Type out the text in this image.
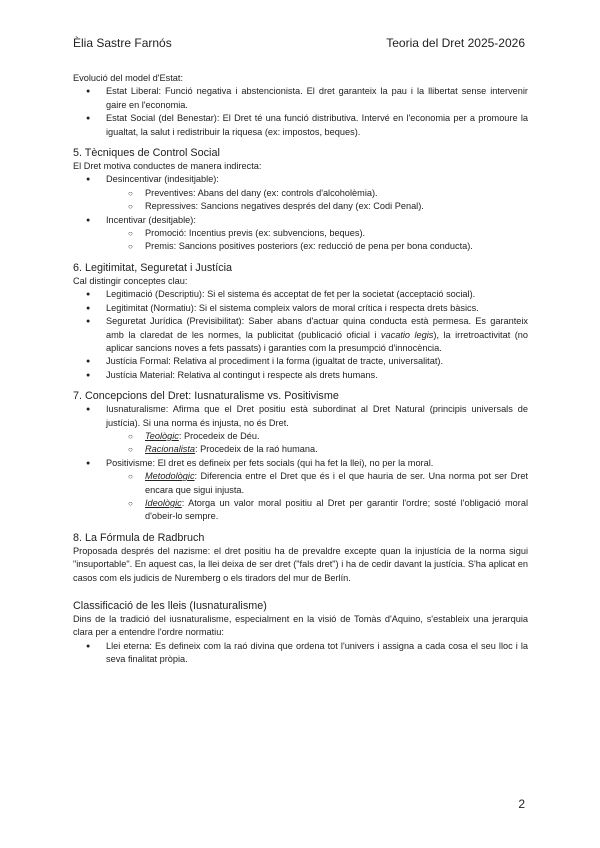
Èlia Sastre Farnós	Teoria del Dret 2025-2026

Evolució del model d'Estat:

● Estat Liberal: Funció negativa i abstencionista. El dret garanteix la pau i la llibertat sense intervenir gaire en l'economia.
● Estat Social (del Benestar): El Dret té una funció distributiva. Intervé en l'economia per a promoure la igualtat, la salut i redistribuir la riquesa (ex: impostos, beques).
5. Tècniques de Control Social

El Dret motiva conductes de manera indirecta:

● Desincentivar (indesitjable):
○ Preventives: Abans del dany (ex: controls d'alcoholèmia).
○ Repressives: Sancions negatives després del dany (ex: Codi Penal).
● Incentivar (desitjable):
○ Promoció: Incentius previs (ex: subvencions, beques).
○ Premis: Sancions positives posteriors (ex: reducció de pena per bona conducta).
6. Legitimitat, Seguretat i Justícia

Cal distingir conceptes clau:

● Legitimació (Descriptiu): Si el sistema és acceptat de fet per la societat (acceptació social).
● Legitimitat (Normatiu): Si el sistema compleix valors de moral crítica i respecta drets bàsics.
● Seguretat Jurídica (Previsibilitat): Saber abans d'actuar quina conducta està permesa. Es garanteix amb la claredat de les normes, la publicitat (publicació oficial i vacatio legis), la irretroactivitat (no aplicar sancions noves a fets passats) i garanties com la presumpció d'innocència.
● Justícia Formal: Relativa al procediment i la forma (igualtat de tracte, universalitat).
● Justícia Material: Relativa al contingut i respecte als drets humans.
7. Concepcions del Dret: Iusnaturalisme vs. Positivisme
● Iusnaturalisme: Afirma que el Dret positiu està subordinat al Dret Natural (principis universals de justícia). Si una norma és injusta, no és Dret.
○ Teològic: Procedeix de Déu.
○ Racionalista: Procedeix de la raó humana.
● Positivisme: El dret es defineix per fets socials (qui ha fet la llei), no per la moral.
○ Metodològic: Diferencia entre el Dret que és i el que hauria de ser. Una norma pot ser Dret encara que sigui injusta.
○ Ideològic: Atorga un valor moral positiu al Dret per garantir l'ordre; sosté l'obligació moral d'obeir-lo sempre.
8. La Fórmula de Radbruch

Proposada després del nazisme: el dret positiu ha de prevaldre excepte quan la injustícia de la norma sigui "insuportable". En aquest cas, la llei deixa de ser dret ("fals dret") i ha de cedir davant la justícia. S'ha aplicat en casos com els judicis de Nuremberg o els tiradors del mur de Berlín.

Classificació de les lleis (Iusnaturalisme)

Dins de la tradició del iusnaturalisme, especialment en la visió de Tomàs d'Aquino, s'estableix una jerarquia clara per a entendre l'ordre normatiu:

● Llei eterna: Es defineix com la raó divina que ordena tot l'univers i assigna a cada cosa el seu lloc i la seva finalitat pròpia.
2
